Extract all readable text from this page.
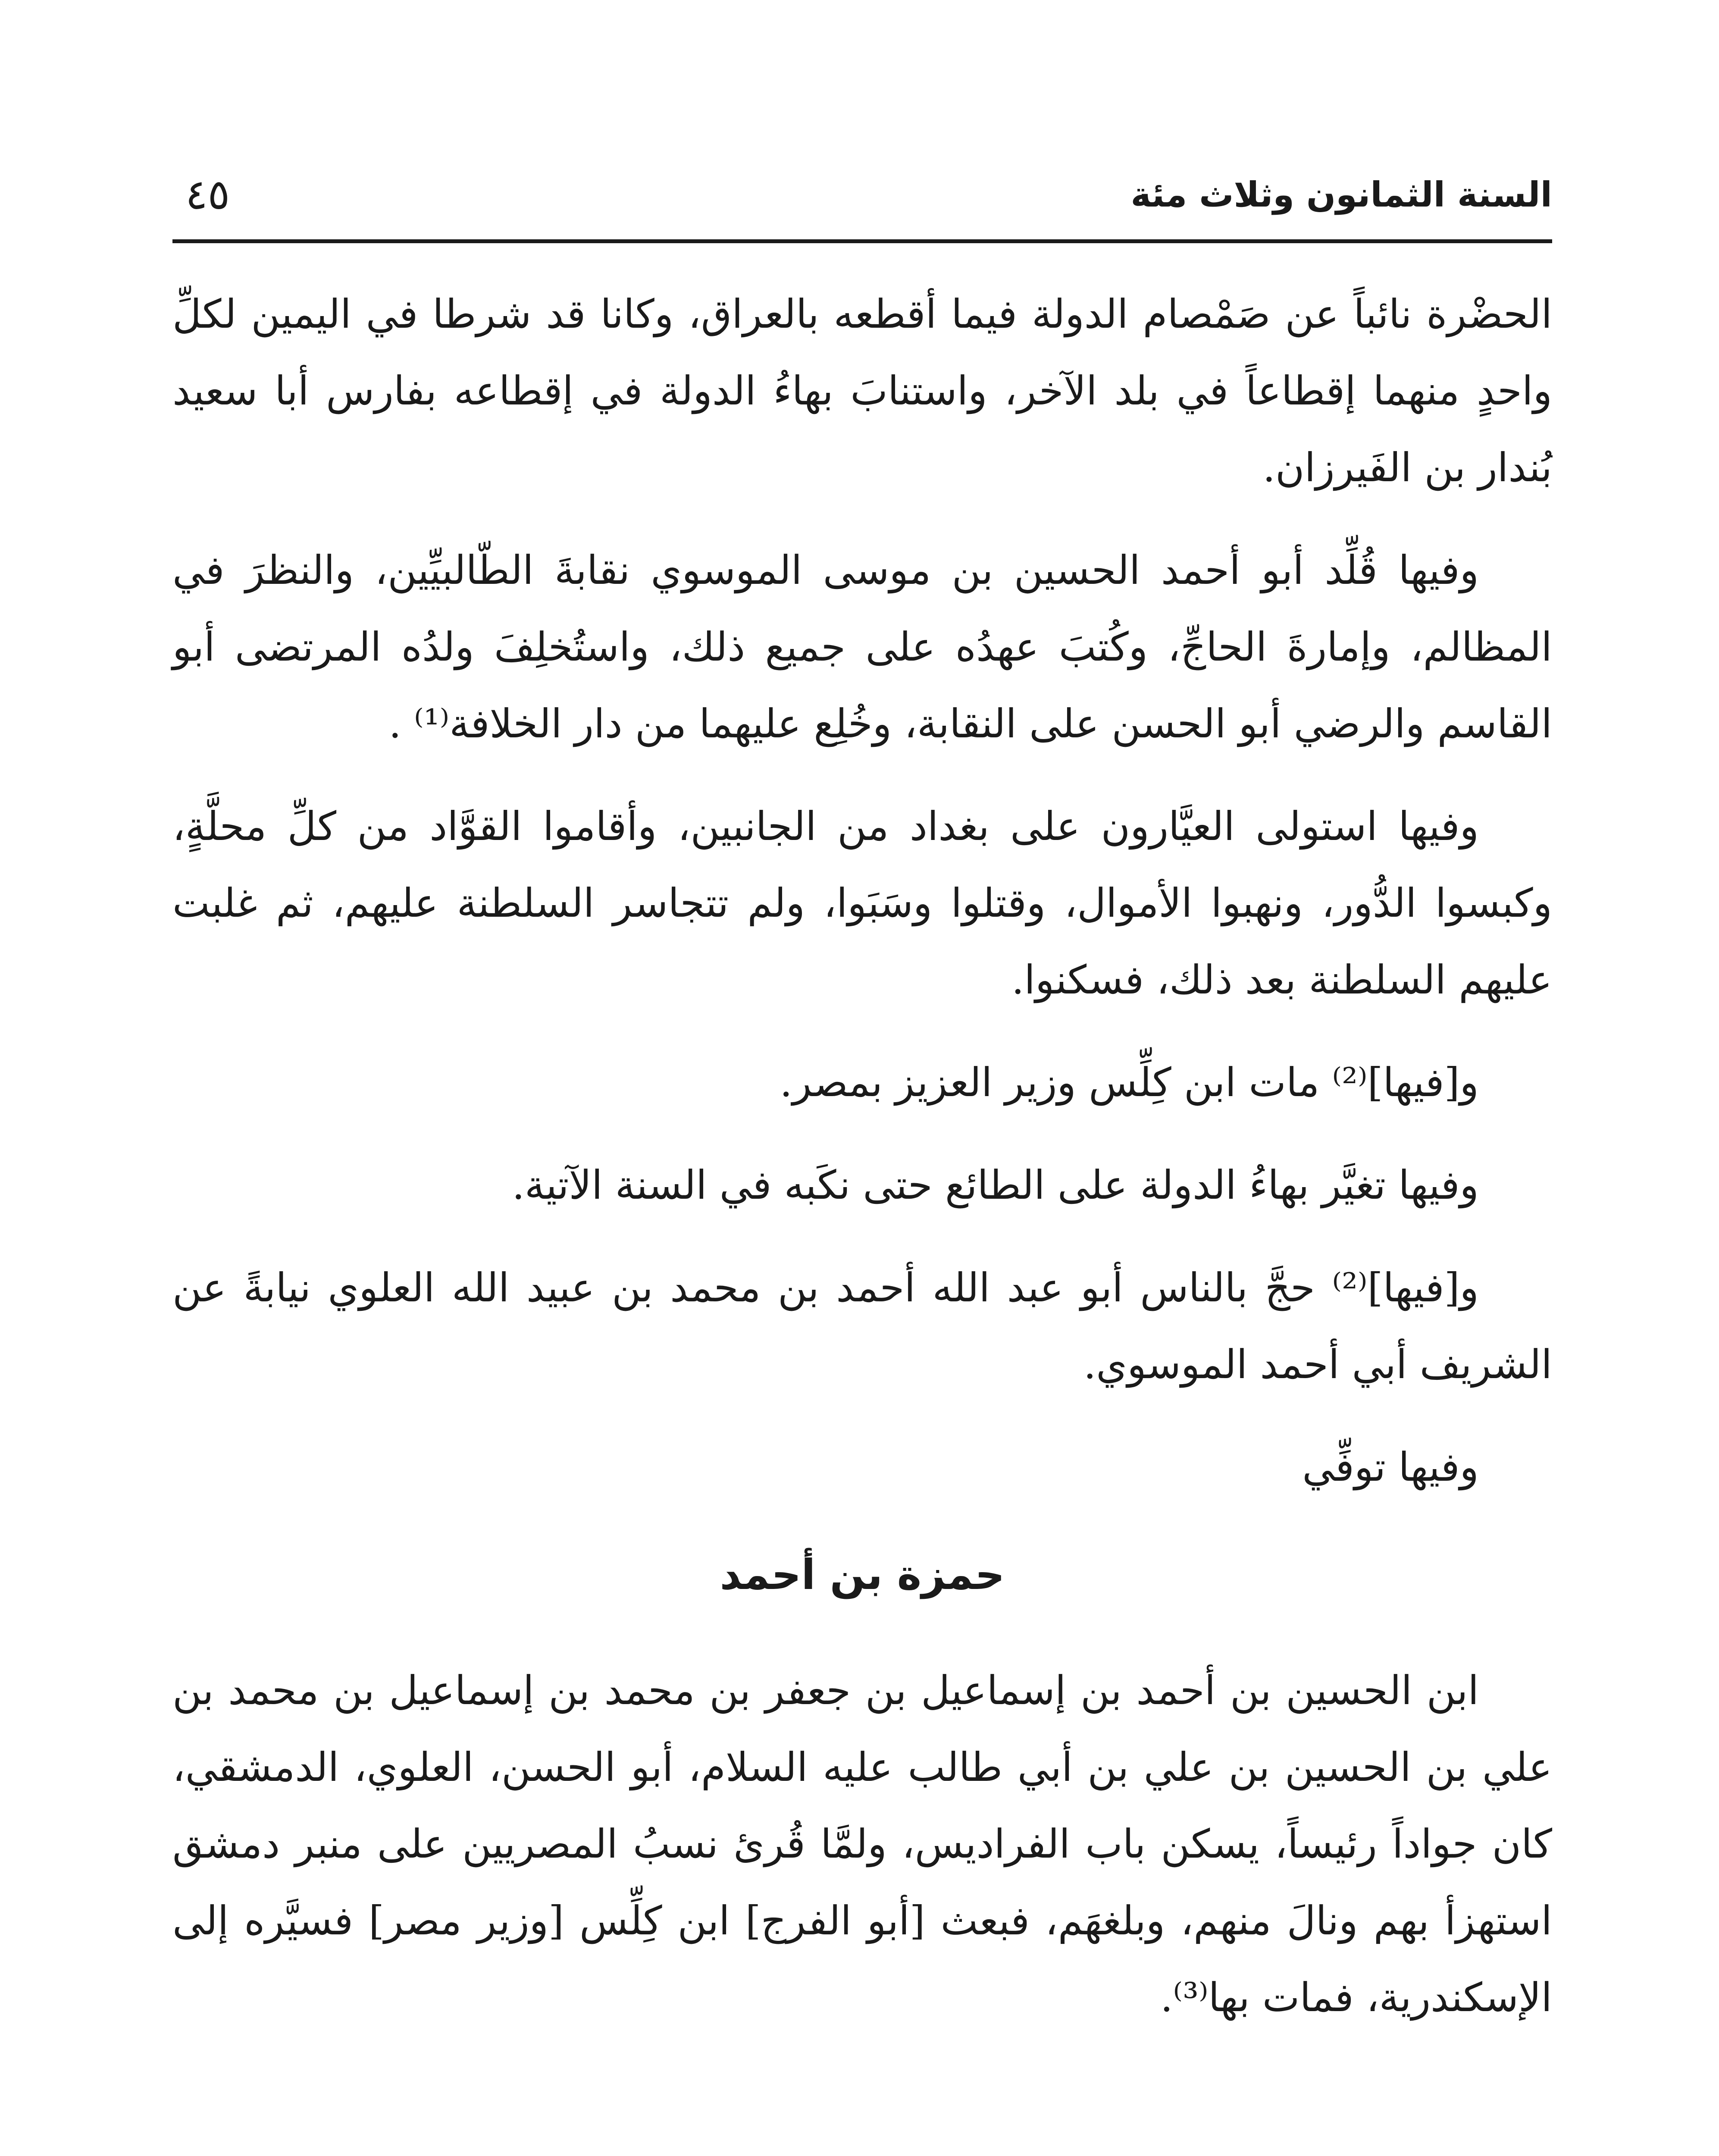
السنة الثمانون وثلاث مئة
٤٥

الحضْرة نائباً عن صَمْصام الدولة فيما أقطعه بالعراق، وكانا قد شرطا في اليمين لكلِّ واحدٍ منهما إقطاعاً في بلد الآخر، واستنابَ بهاءُ الدولة في إقطاعه بفارس أبا سعيد بُندار بن الفَيرزان.

وفيها قُلِّد أبو أحمد الحسين بن موسى الموسوي نقابةَ الطّالبيِّين، والنظرَ في المظالم، وإمارةَ الحاجِّ، وكُتبَ عهدُه على جميع ذلك، واستُخلِفَ ولدُه المرتضى أبو القاسم والرضي أبو الحسن على النقابة، وخُلِع عليهما من دار الخلافة⁽¹⁾ .

وفيها استولى العيَّارون على بغداد من الجانبين، وأقاموا القوَّاد من كلِّ محلَّةٍ، وكبسوا الدُّور، ونهبوا الأموال، وقتلوا وسَبَوا، ولم تتجاسر السلطنة عليهم، ثم غلبت عليهم السلطنة بعد ذلك، فسكنوا.

و[فيها]⁽²⁾ مات ابن كِلِّس وزير العزيز بمصر.

وفيها تغيَّر بهاءُ الدولة على الطائع حتى نكَبه في السنة الآتية.

و[فيها]⁽²⁾ حجَّ بالناس أبو عبد الله أحمد بن محمد بن عبيد الله العلوي نيابةً عن الشريف أبي أحمد الموسوي.

وفيها توفِّي

حمزة بن أحمد

ابن الحسين بن أحمد بن إسماعيل بن جعفر بن محمد بن إسماعيل بن محمد بن علي بن الحسين بن علي بن أبي طالب عليه السلام، أبو الحسن، العلوي، الدمشقي، كان جواداً رئيساً، يسكن باب الفراديس، ولمَّا قُرئ نسبُ المصريين على منبر دمشق استهزأ بهم ونالَ منهم، وبلغهَم، فبعث [أبو الفرج] ابن كِلِّس [وزير مصر] فسيَّره إلى الإسكندرية، فمات بها⁽³⁾.
